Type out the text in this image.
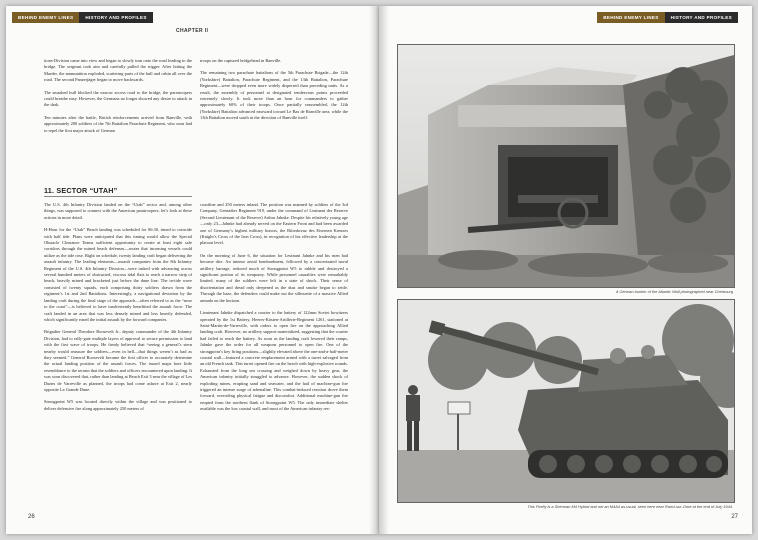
BEHIND ENEMY LINES	HISTORY AND PROFILES
CHAPTER II

tions-Division came into view and began to slowly turn onto the road leading to the bridge. The sergeant took aim and carefully pulled the trigger. After hitting the Marder, the ammunition exploded, scattering parts of the hull and cabin all over the road. The second Panzerjäger began to move backwards.

The smashed hull blocked the narrow access road to the bridge, the paratroopers could breathe easy. However, the Germans no longer showed any desire to attack in the dark.

Ten minutes after the battle, British reinforcements arrived from Ranville, with approximately 200 soldiers of the 7th Battalion Parachute Regiment, who soon had to repel the first major attack of German

troops on the captured bridgehead in Ranville.

The remaining two parachute battalions of the 5th Parachute Brigade—the 12th (Yorkshire) Battalion, Parachute Regiment, and the 13th Battalion, Parachute Regiment—were dropped even more widely dispersed than preceding units. As a result, the assembly of personnel at designated rendezvous points proceeded extremely slowly. It took more than an hour for commanders to gather approximately 60% of their troops. Once partially reassembled, the 12th (Yorkshire) Battalion advanced eastward toward Le Bas de Ranville area, while the 13th Battalion moved south in the direction of Ranville itself.

11. SECTOR “UTAH”

The U.S. 4th Infantry Division landed on the “Utah” sector and, among other things, was supposed to connect with the American paratroopers; let’s look at these actions in more detail.

H-Hour for the “Utah” Beach landing was scheduled for 06:30, timed to coincide with half tide. Plans were anticipated that this timing would allow the Special Obstacle Clearance Teams sufficient opportunity to create at least eight safe corridors through the mined beach defenses—routes that incoming vessels could utilize as the tide rose. Right on schedule, twenty landing craft began delivering the assault infantry. The leading elements—assault companies from the 8th Infantry Regiment of the U.S. 4th Infantry Division—were tasked with advancing across several hundred meters of obstructed, viscous tidal flats to reach a narrow strip of beach, heavily mined and bracketed just before the dune line. The in-tide wave consisted of twenty squads, each comprising thirty soldiers drawn from the regiment’s 1st and 2nd Battalions. Interestingly, a navigational deviation by the landing craft during the final stage of the approach—often referred to as the “nose to the coast”—is believed to have inadvertently benefitted the assault force. The craft landed in an area that was less densely mined and less heavily defended, which significantly eased the initial assault by the forward companies.

Brigadier General Theodore Roosevelt Jr., deputy commander of the 4th Infantry Division, had to rally-gate multiple layers of approval to secure permission to land with the first wave of troops. He firmly believed that “seeing a general’s stern nearby would reassure the soldiers—even in hell—that things weren’t as bad as they seemed.” General Roosevelt became the first officer to accurately determine the actual landing position of the assault forces. The issued maps bore little resemblance to the terrain that the soldiers and officers encountered upon landing. It was soon discovered that, rather than landing at Beach Exit 3 near the village of Les Dunes de Varreville as planned, the troops had come ashore at Exit 2, nearly opposite La Grande Dune.

Strongpoint W5 was located directly within the village and was positioned to deliver defensive fire along approximately 250 meters of

coastline and 250 meters inland. The position was manned by soldiers of the 3rd Company, Grenadier Regiment 919, under the command of Leutnant der Reserve (Second Lieutenant of the Reserve) Arthur Jahnke. Despite his relatively young age—only 23—Jahnke had already served on the Eastern Front and had been awarded one of Germany’s highest military honors, the Ritterkreuz des Eisernen Kreuzes (Knight’s Cross of the Iron Cross), in recognition of his effective leadership at the platoon level.

On the morning of June 6, the situation for Leutnant Jahnke and his men had become dire. An intense aerial bombardment, followed by a concentrated naval artillery barrage, reduced much of Strongpoint W5 to rubble and destroyed a significant portion of its weaponry. While personnel casualties were remarkably limited, many of the soldiers were left in a state of shock. Their sense of disorientation and dread only deepened as the dust and smoke began to settle. Through the haze, the defenders could make out the silhouette of a massive Allied armada on the horizon.

Lieutenant Jahnke dispatched a courier to the battery of 122mm Soviet howitzers operated by the 1st Battery, Heeres-Küsten-Artillerie-Regiment 1261, stationed at Saint-Martin-de-Varreville, with orders to open fire on the approaching Allied landing craft. However, no artillery support materialized, suggesting that the courier had failed to reach the battery. As soon as the landing craft lowered their ramps, Jahnke gave the order for all weapons personnel to open fire. One of the strongpoint’s key firing positions—slightly elevated above the one-and-a-half-meter coastal wall—featured a concrete emplacement armed with a turret salvaged from an old French tank. This turret opened fire on the beach with high-explosive rounds. Exhausted from the long sea crossing and weighed down by heavy gear, the American infantry initially struggled to advance. However, the sudden shock of exploding mines, erupting sand and seawater, and the hail of machine-gun fire triggered an intense surge of adrenaline. This combat-induced reaction drove them forward, overriding physical fatigue and discomfort. Additional machine-gun fire erupted from the northern flank of Strongpoint W5. The only immediate shelter available was the low coastal wall, and most of the American infantry res-

26
BEHIND ENEMY LINES	HISTORY AND PROFILES
A German bunker of the Atlantic Wall photographed near Cherbourg
This Firefly is a Sherman M4 Hybrid and not an M4A4 as usual, seen here near Ranvi-sur-Orne at the end of July 1944.
27
